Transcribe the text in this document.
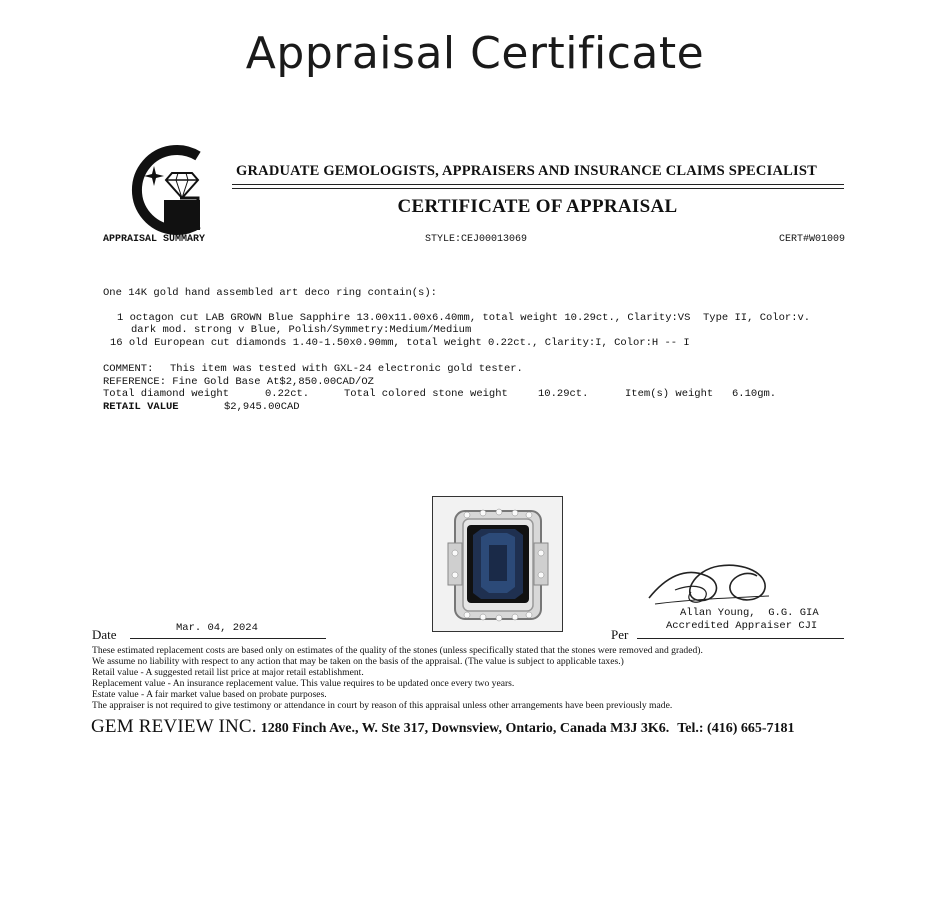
Appraisal Certificate
GRADUATE GEMOLOGISTS, APPRAISERS AND INSURANCE CLAIMS SPECIALIST
CERTIFICATE OF APPRAISAL
APPRAISAL SUMMARY	STYLE:CEJ00013069	CERT#W01009
One 14K gold hand assembled art deco ring contain(s):
1 octagon cut LAB GROWN Blue Sapphire 13.00x11.00x6.40mm, total weight 10.29ct., Clarity:VS  Type II, Color:v.
dark mod. strong v Blue, Polish/Symmetry:Medium/Medium
16 old European cut diamonds 1.40-1.50x0.90mm, total weight 0.22ct., Clarity:I, Color:H -- I
COMMENT: This item was tested with GXL-24 electronic gold tester.
REFERENCE: Fine Gold Base At$2,850.00CAD/OZ
Total diamond weight	0.22ct.	Total colored stone weight	10.29ct.	Item(s) weight 6.10gm.
RETAIL VALUE	$2,945.00CAD
Date	Mar. 04, 2024	Per
Allan Young,  G.G. GIA
Accredited Appraiser CJI
These estimated replacement costs are based only on estimates of the quality of the stones (unless specifically stated that the stones were removed and graded).
We assume no liability with respect to any action that may be taken on the basis of the appraisal. (The value is subject to applicable taxes.)
Retail value - A suggested retail list price at major retail establishment.
Replacement value - An insurance replacement value. This value requires to be updated once every two years.
Estate value - A fair market value based on probate purposes.
The appraiser is not required to give testimony or attendance in court by reason of this appraisal unless other arrangements have been previously made.
GEM REVIEW INC. 1280 Finch Ave., W. Ste 317, Downsview, Ontario, Canada M3J 3K6. Tel.: (416) 665-7181
